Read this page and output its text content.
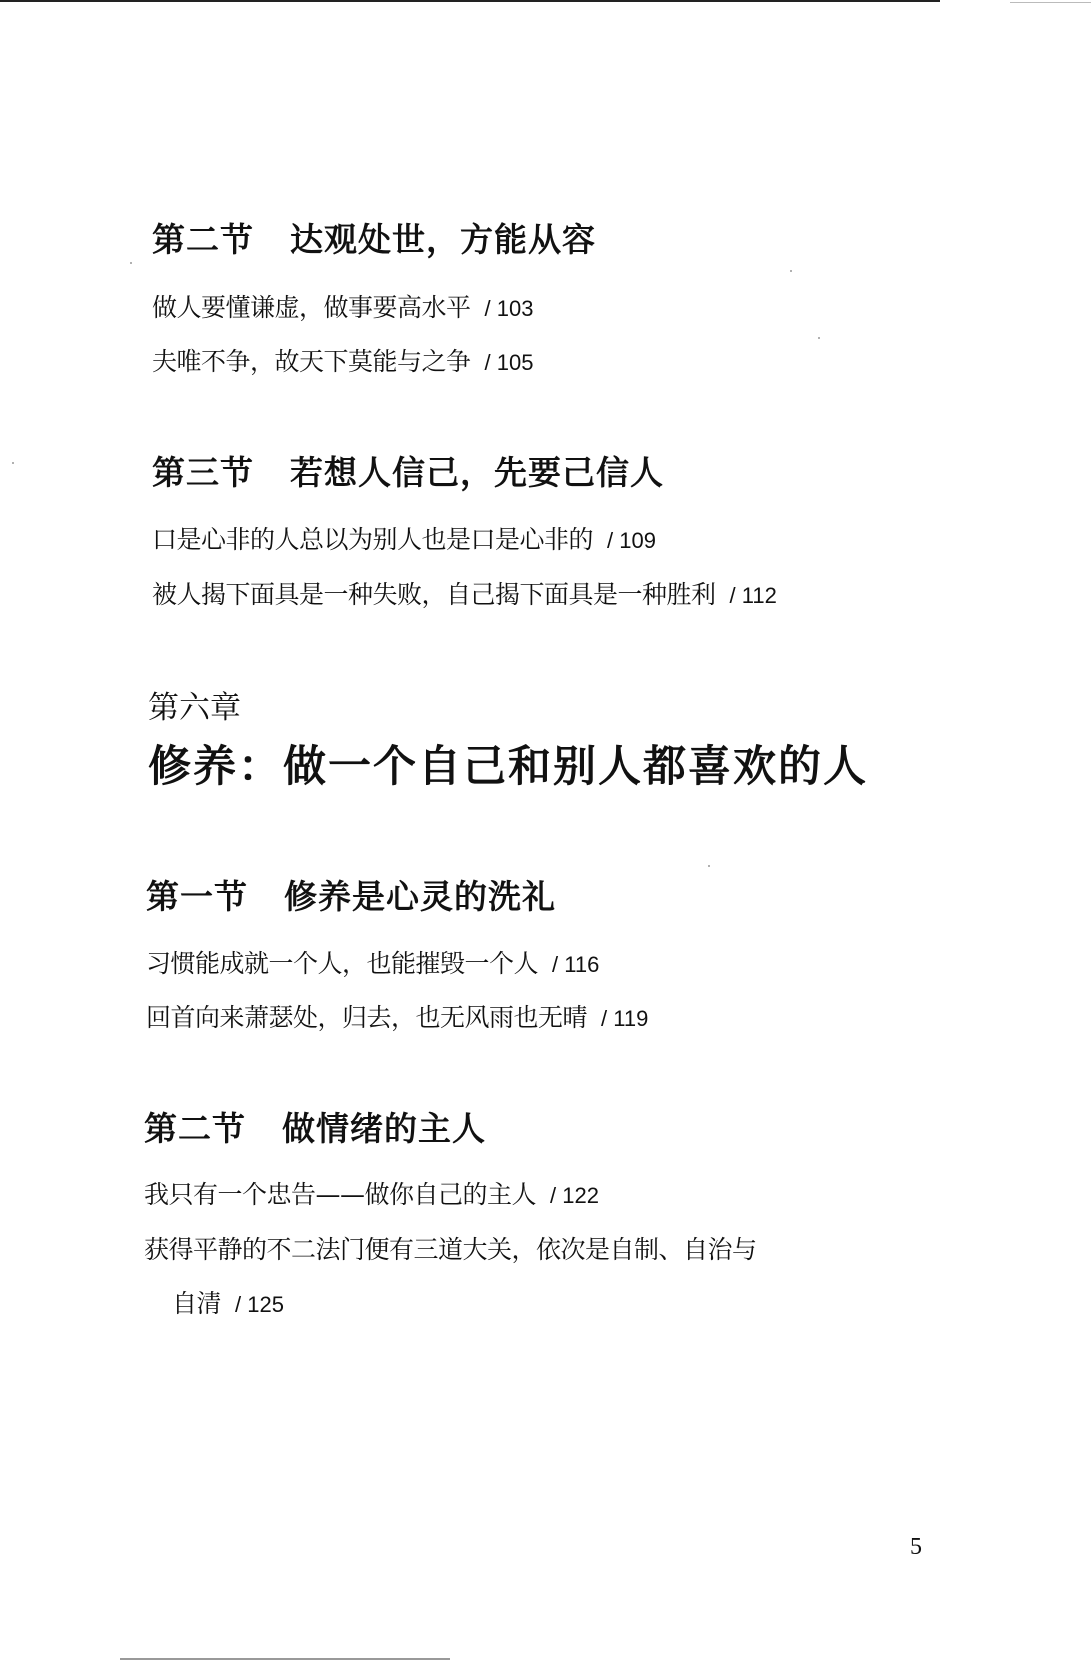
第二节 达观处世，方能从容
做人要懂谦虚，做事要高水平 / 103
夫唯不争，故天下莫能与之争 / 105
第三节 若想人信己，先要己信人
口是心非的人总以为别人也是口是心非的 / 109
被人揭下面具是一种失败，自己揭下面具是一种胜利 / 112
第六章
修养：做一个自己和别人都喜欢的人
第一节 修养是心灵的洗礼
习惯能成就一个人，也能摧毁一个人 / 116
回首向来萧瑟处，归去，也无风雨也无晴 / 119
第二节 做情绪的主人
我只有一个忠告——做你自己的主人 / 122
获得平静的不二法门便有三道大关，依次是自制、自治与
自清 / 125
5
